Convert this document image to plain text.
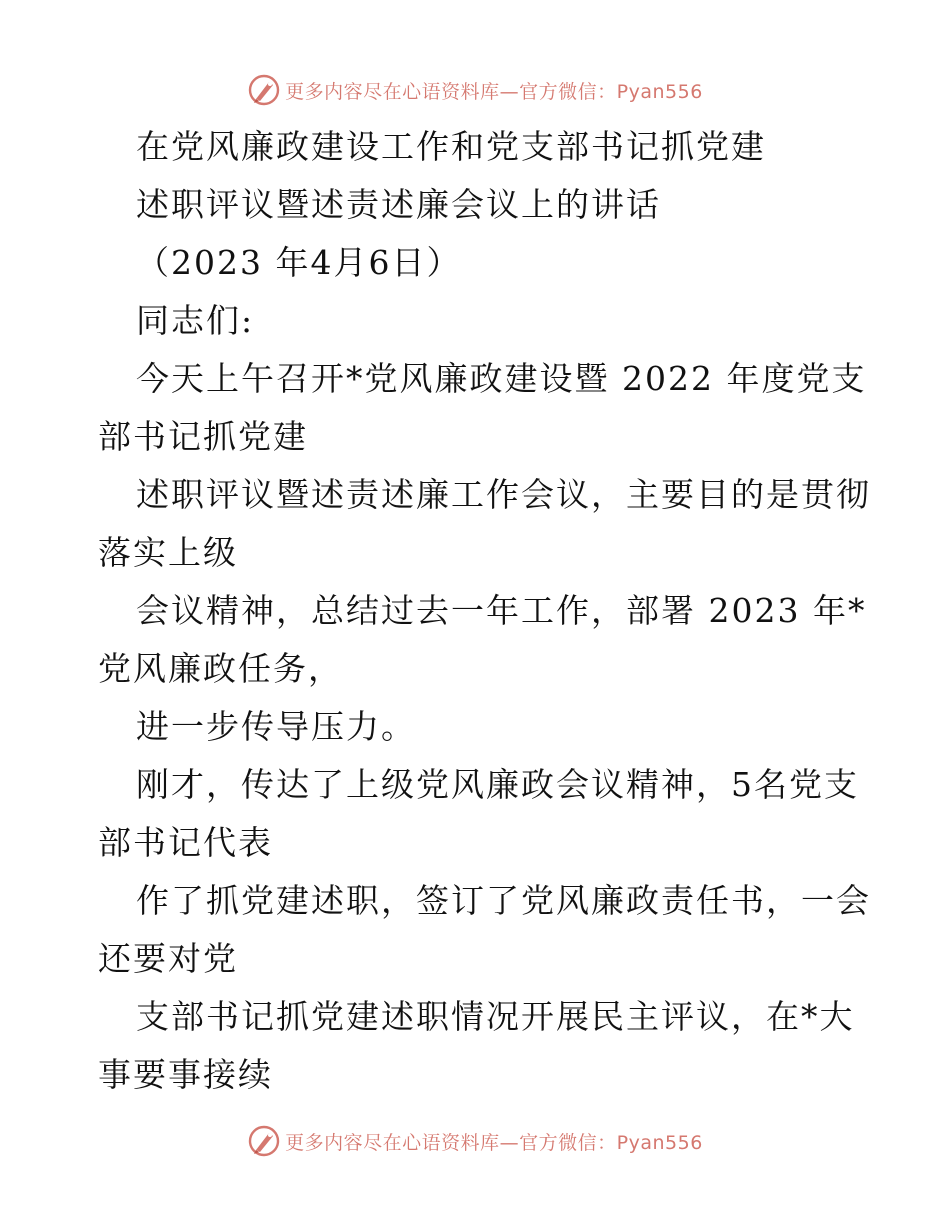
更多内容尽在心语资料库—官方微信：Pyan556
在党风廉政建设工作和党支部书记抓党建
述职评议暨述责述廉会议上的讲话
（2023 年4月6日）
同志们:
今天上午召开*党风廉政建设暨 2022 年度党支
部书记抓党建
述职评议暨述责述廉工作会议，主要目的是贯彻
落实上级
会议精神，总结过去一年工作，部署 2023 年*
党风廉政任务，
进一步传导压力。
刚才，传达了上级党风廉政会议精神，5名党支
部书记代表
作了抓党建述职，签订了党风廉政责任书，一会
还要对党
支部书记抓党建述职情况开展民主评议，在*大
事要事接续
更多内容尽在心语资料库—官方微信：Pyan556
